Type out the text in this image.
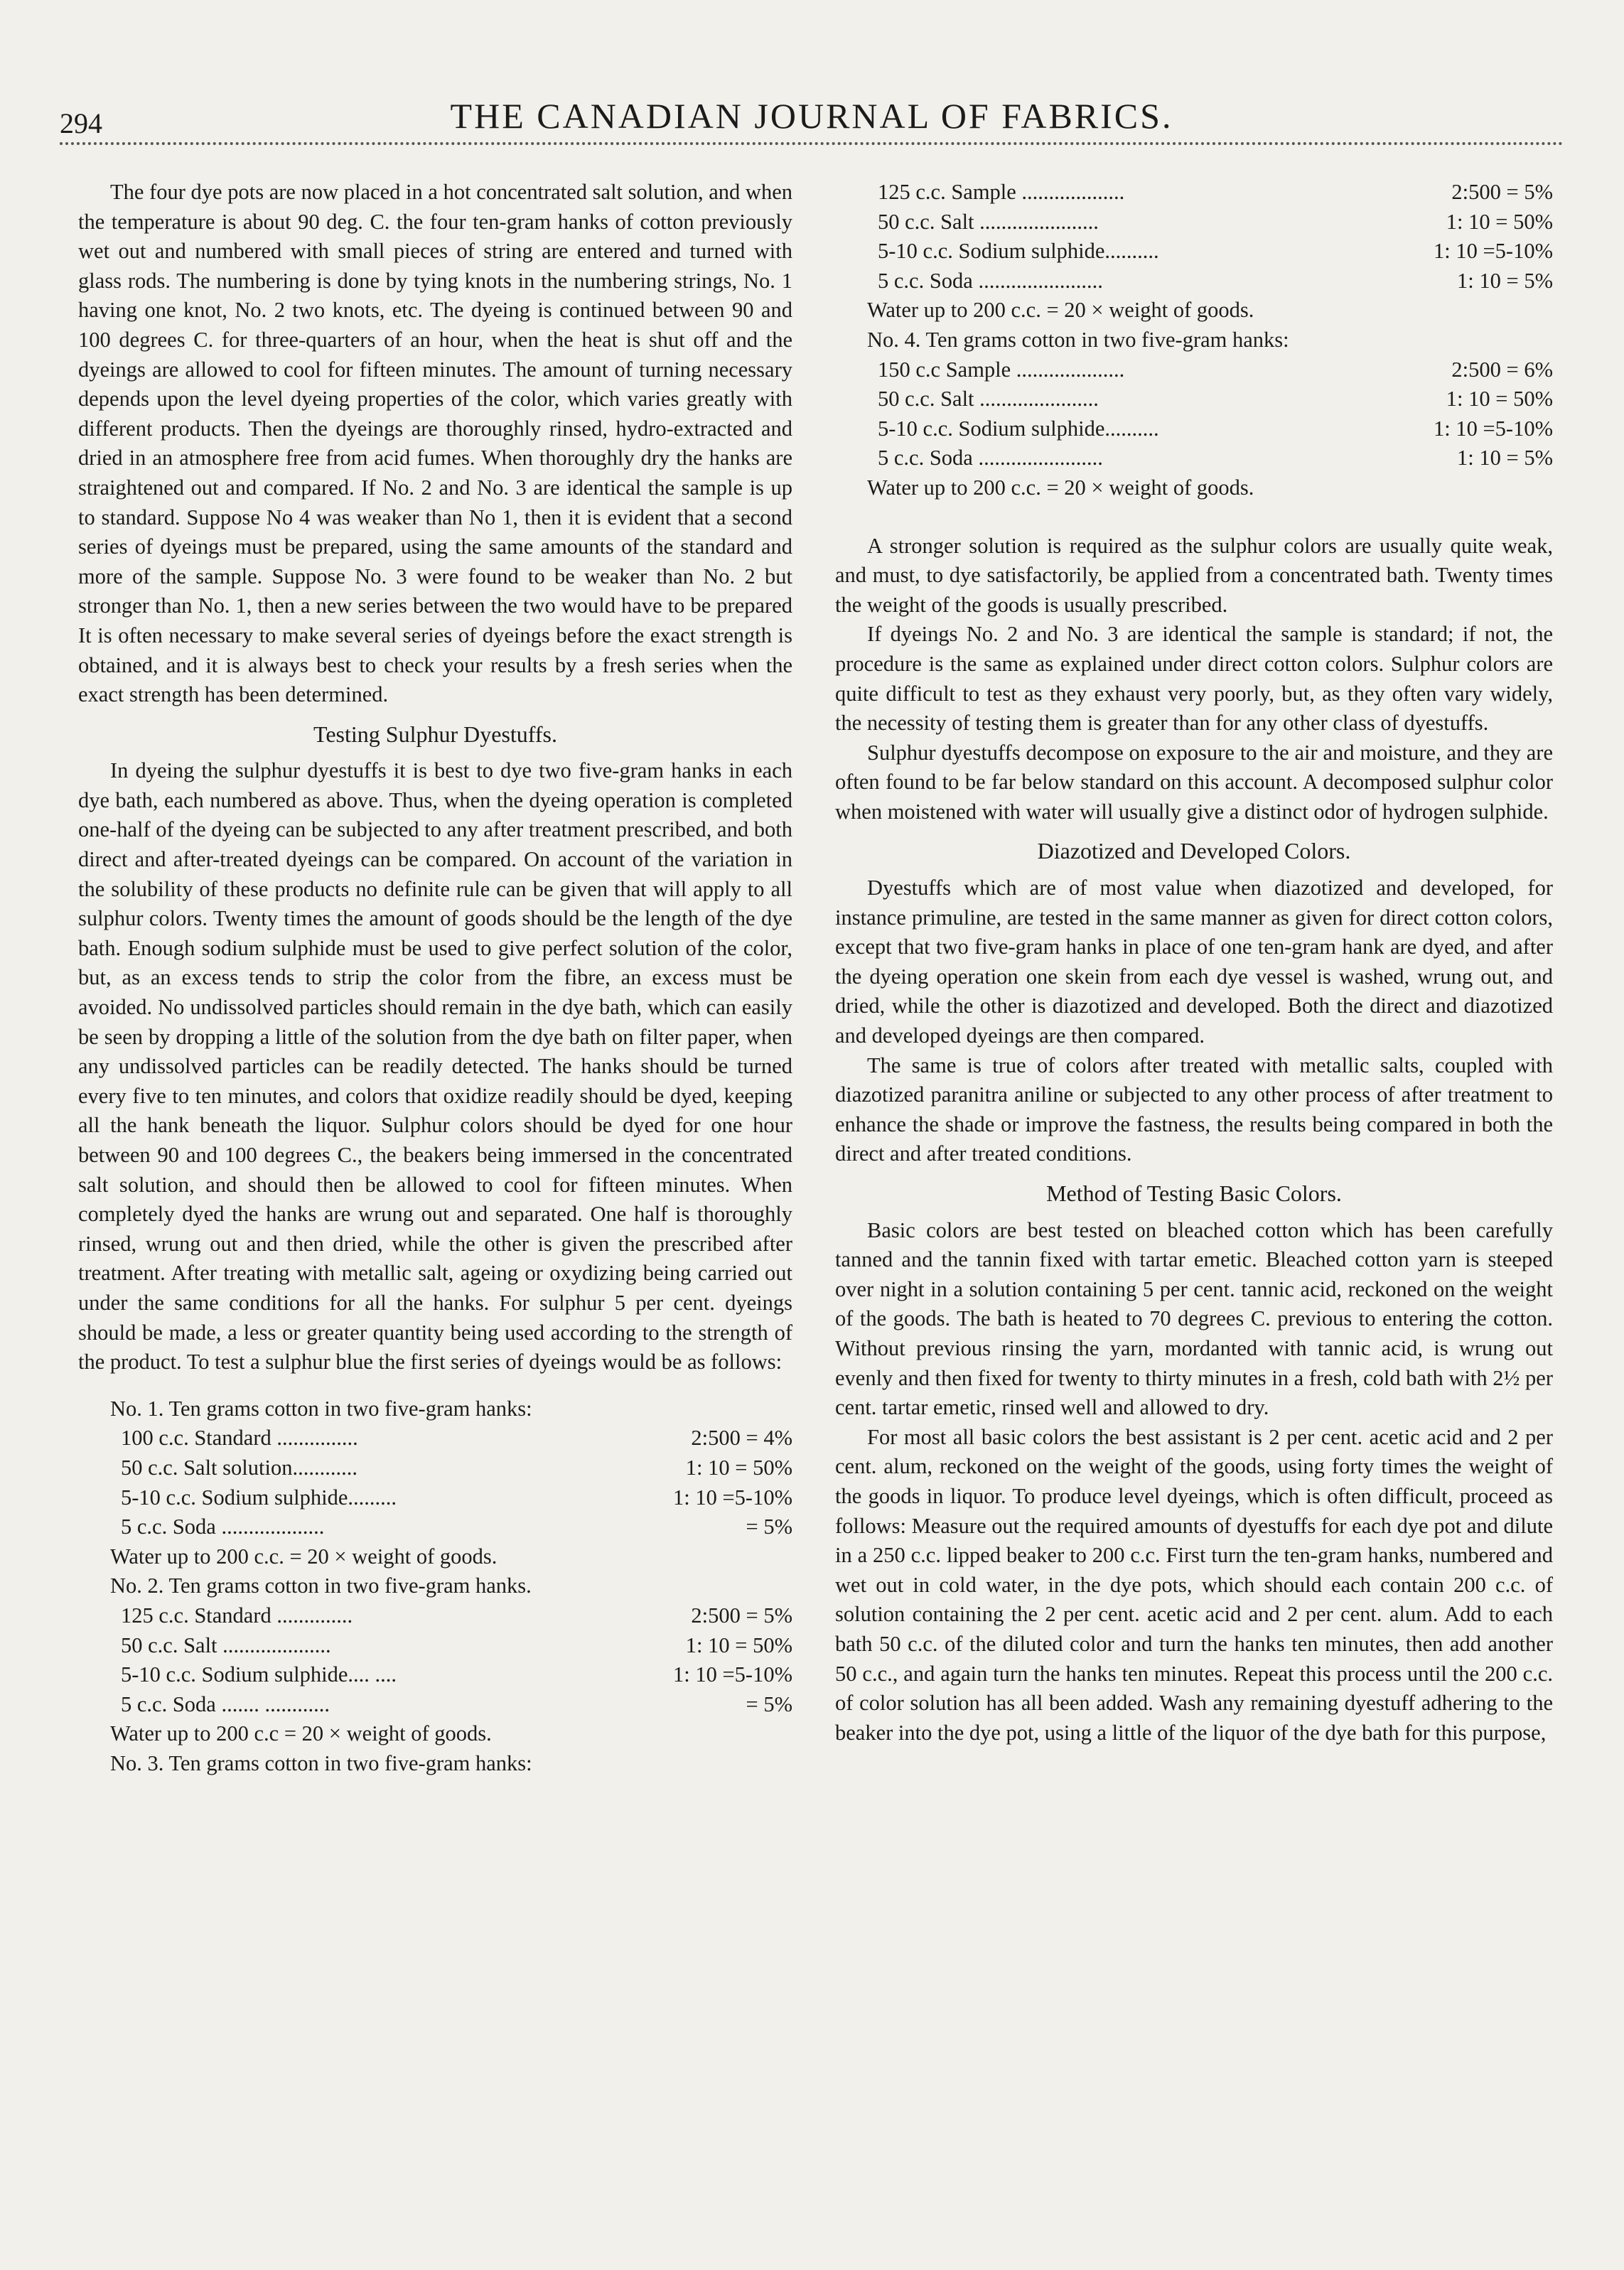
294	THE CANADIAN JOURNAL OF FABRICS.

The four dye pots are now placed in a hot concentrated salt solution, and when the temperature is about 90 deg. C. the four ten-gram hanks of cotton previously wet out and numbered with small pieces of string are entered and turned with glass rods. The numbering is done by tying knots in the numbering strings, No. 1 having one knot, No. 2 two knots, etc. The dyeing is continued between 90 and 100 degrees C. for three-quarters of an hour, when the heat is shut off and the dyeings are allowed to cool for fifteen minutes. The amount of turning necessary depends upon the level dyeing properties of the color, which varies greatly with different products. Then the dyeings are thoroughly rinsed, hydro-extracted and dried in an atmosphere free from acid fumes. When thoroughly dry the hanks are straightened out and compared. If No. 2 and No. 3 are identical the sample is up to standard. Suppose No 4 was weaker than No 1, then it is evident that a second series of dyeings must be prepared, using the same amounts of the standard and more of the sample. Suppose No. 3 were found to be weaker than No. 2 but stronger than No. 1, then a new series between the two would have to be prepared It is often necessary to make several series of dyeings before the exact strength is obtained, and it is always best to check your results by a fresh series when the exact strength has been determined.

Testing Sulphur Dyestuffs.

In dyeing the sulphur dyestuffs it is best to dye two five-gram hanks in each dye bath, each numbered as above. Thus, when the dyeing operation is completed one-half of the dyeing can be subjected to any after treatment prescribed, and both direct and after-treated dyeings can be compared. On account of the variation in the solubility of these products no definite rule can be given that will apply to all sulphur colors. Twenty times the amount of goods should be the length of the dye bath. Enough sodium sulphide must be used to give perfect solution of the color, but, as an excess tends to strip the color from the fibre, an excess must be avoided. No undissolved particles should remain in the dye bath, which can easily be seen by dropping a little of the solution from the dye bath on filter paper, when any undissolved particles can be readily detected. The hanks should be turned every five to ten minutes, and colors that oxidize readily should be dyed, keeping all the hank beneath the liquor. Sulphur colors should be dyed for one hour between 90 and 100 degrees C., the beakers being immersed in the concentrated salt solution, and should then be allowed to cool for fifteen minutes. When completely dyed the hanks are wrung out and separated. One half is thoroughly rinsed, wrung out and then dried, while the other is given the prescribed after treatment. After treating with metallic salt, ageing or oxydizing being carried out under the same conditions for all the hanks. For sulphur 5 per cent. dyeings should be made, a less or greater quantity being used according to the strength of the product. To test a sulphur blue the first series of dyeings would be as follows:

No. 1. Ten grams cotton in two five-gram hanks:

100 c.c. Standard ...............	2:500 = 4%
50 c.c. Salt solution............	1: 10 = 50%
5-10 c.c. Sodium sulphide.........	1: 10 =5-10%
5 c.c. Soda ...................	= 5%

Water up to 200 c.c. = 20 × weight of goods.

No. 2. Ten grams cotton in two five-gram hanks.

125 c.c. Standard ..............	2:500 = 5%
50 c.c. Salt ....................	1: 10 = 50%
5-10 c.c. Sodium sulphide.... ....	1: 10 =5-10%
5 c.c. Soda ....... ............	= 5%

Water up to 200 c.c = 20 × weight of goods.

No. 3. Ten grams cotton in two five-gram hanks:

125 c.c. Sample ...................	2:500 = 5%
50 c.c. Salt ......................	1: 10 = 50%
5-10 c.c. Sodium sulphide..........	1: 10 =5-10%
5 c.c. Soda .......................	1: 10 = 5%

Water up to 200 c.c. = 20 × weight of goods.

No. 4. Ten grams cotton in two five-gram hanks:

150 c.c Sample ....................	2:500 = 6%
50 c.c. Salt ......................	1: 10 = 50%
5-10 c.c. Sodium sulphide..........	1: 10 =5-10%
5 c.c. Soda .......................	1: 10 = 5%

Water up to 200 c.c. = 20 × weight of goods.

A stronger solution is required as the sulphur colors are usually quite weak, and must, to dye satisfactorily, be applied from a concentrated bath. Twenty times the weight of the goods is usually prescribed.

If dyeings No. 2 and No. 3 are identical the sample is standard; if not, the procedure is the same as explained under direct cotton colors. Sulphur colors are quite difficult to test as they exhaust very poorly, but, as they often vary widely, the necessity of testing them is greater than for any other class of dyestuffs.

Sulphur dyestuffs decompose on exposure to the air and moisture, and they are often found to be far below standard on this account. A decomposed sulphur color when moistened with water will usually give a distinct odor of hydrogen sulphide.

Diazotized and Developed Colors.

Dyestuffs which are of most value when diazotized and developed, for instance primuline, are tested in the same manner as given for direct cotton colors, except that two five-gram hanks in place of one ten-gram hank are dyed, and after the dyeing operation one skein from each dye vessel is washed, wrung out, and dried, while the other is diazotized and developed. Both the direct and diazotized and developed dyeings are then compared.

The same is true of colors after treated with metallic salts, coupled with diazotized paranitra aniline or subjected to any other process of after treatment to enhance the shade or improve the fastness, the results being compared in both the direct and after treated conditions.

Method of Testing Basic Colors.

Basic colors are best tested on bleached cotton which has been carefully tanned and the tannin fixed with tartar emetic. Bleached cotton yarn is steeped over night in a solution containing 5 per cent. tannic acid, reckoned on the weight of the goods. The bath is heated to 70 degrees C. previous to entering the cotton. Without previous rinsing the yarn, mordanted with tannic acid, is wrung out evenly and then fixed for twenty to thirty minutes in a fresh, cold bath with 2½ per cent. tartar emetic, rinsed well and allowed to dry.

For most all basic colors the best assistant is 2 per cent. acetic acid and 2 per cent. alum, reckoned on the weight of the goods, using forty times the weight of the goods in liquor. To produce level dyeings, which is often difficult, proceed as follows: Measure out the required amounts of dyestuffs for each dye pot and dilute in a 250 c.c. lipped beaker to 200 c.c. First turn the ten-gram hanks, numbered and wet out in cold water, in the dye pots, which should each contain 200 c.c. of solution containing the 2 per cent. acetic acid and 2 per cent. alum. Add to each bath 50 c.c. of the diluted color and turn the hanks ten minutes, then add another 50 c.c., and again turn the hanks ten minutes. Repeat this process until the 200 c.c. of color solution has all been added. Wash any remaining dyestuff adhering to the beaker into the dye pot, using a little of the liquor of the dye bath for this purpose,
